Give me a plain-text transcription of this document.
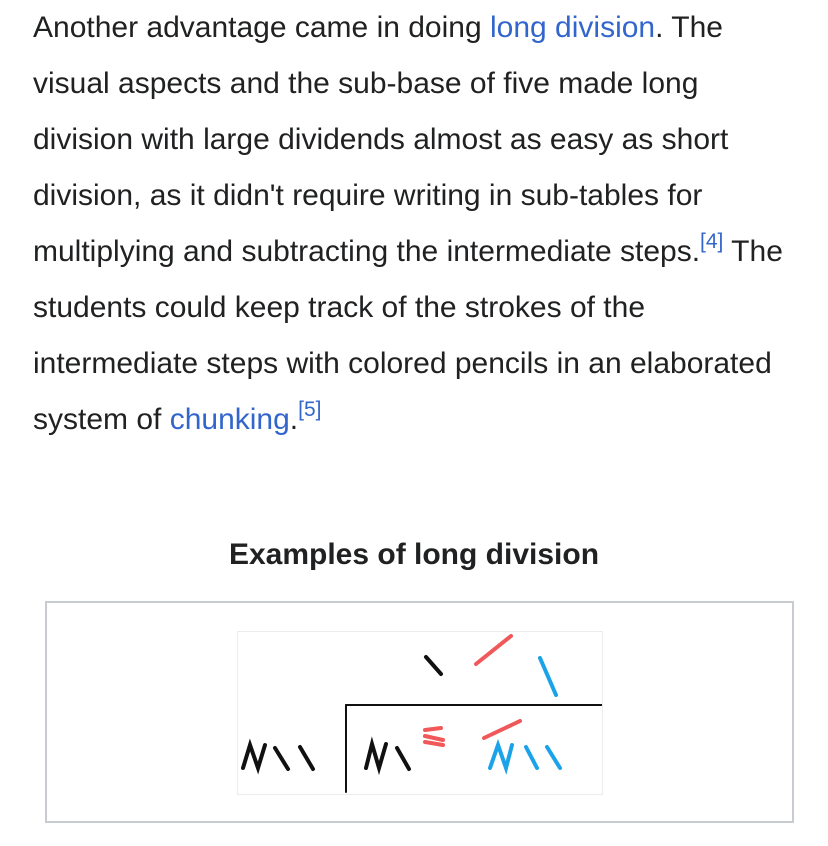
Another advantage came in doing long division. The visual aspects and the sub-base of five made long division with large dividends almost as easy as short division, as it didn't require writing in sub-tables for multiplying and subtracting the intermediate steps.[4] The students could keep track of the strokes of the intermediate steps with colored pencils in an elaborated system of chunking.[5]

Examples of long division
